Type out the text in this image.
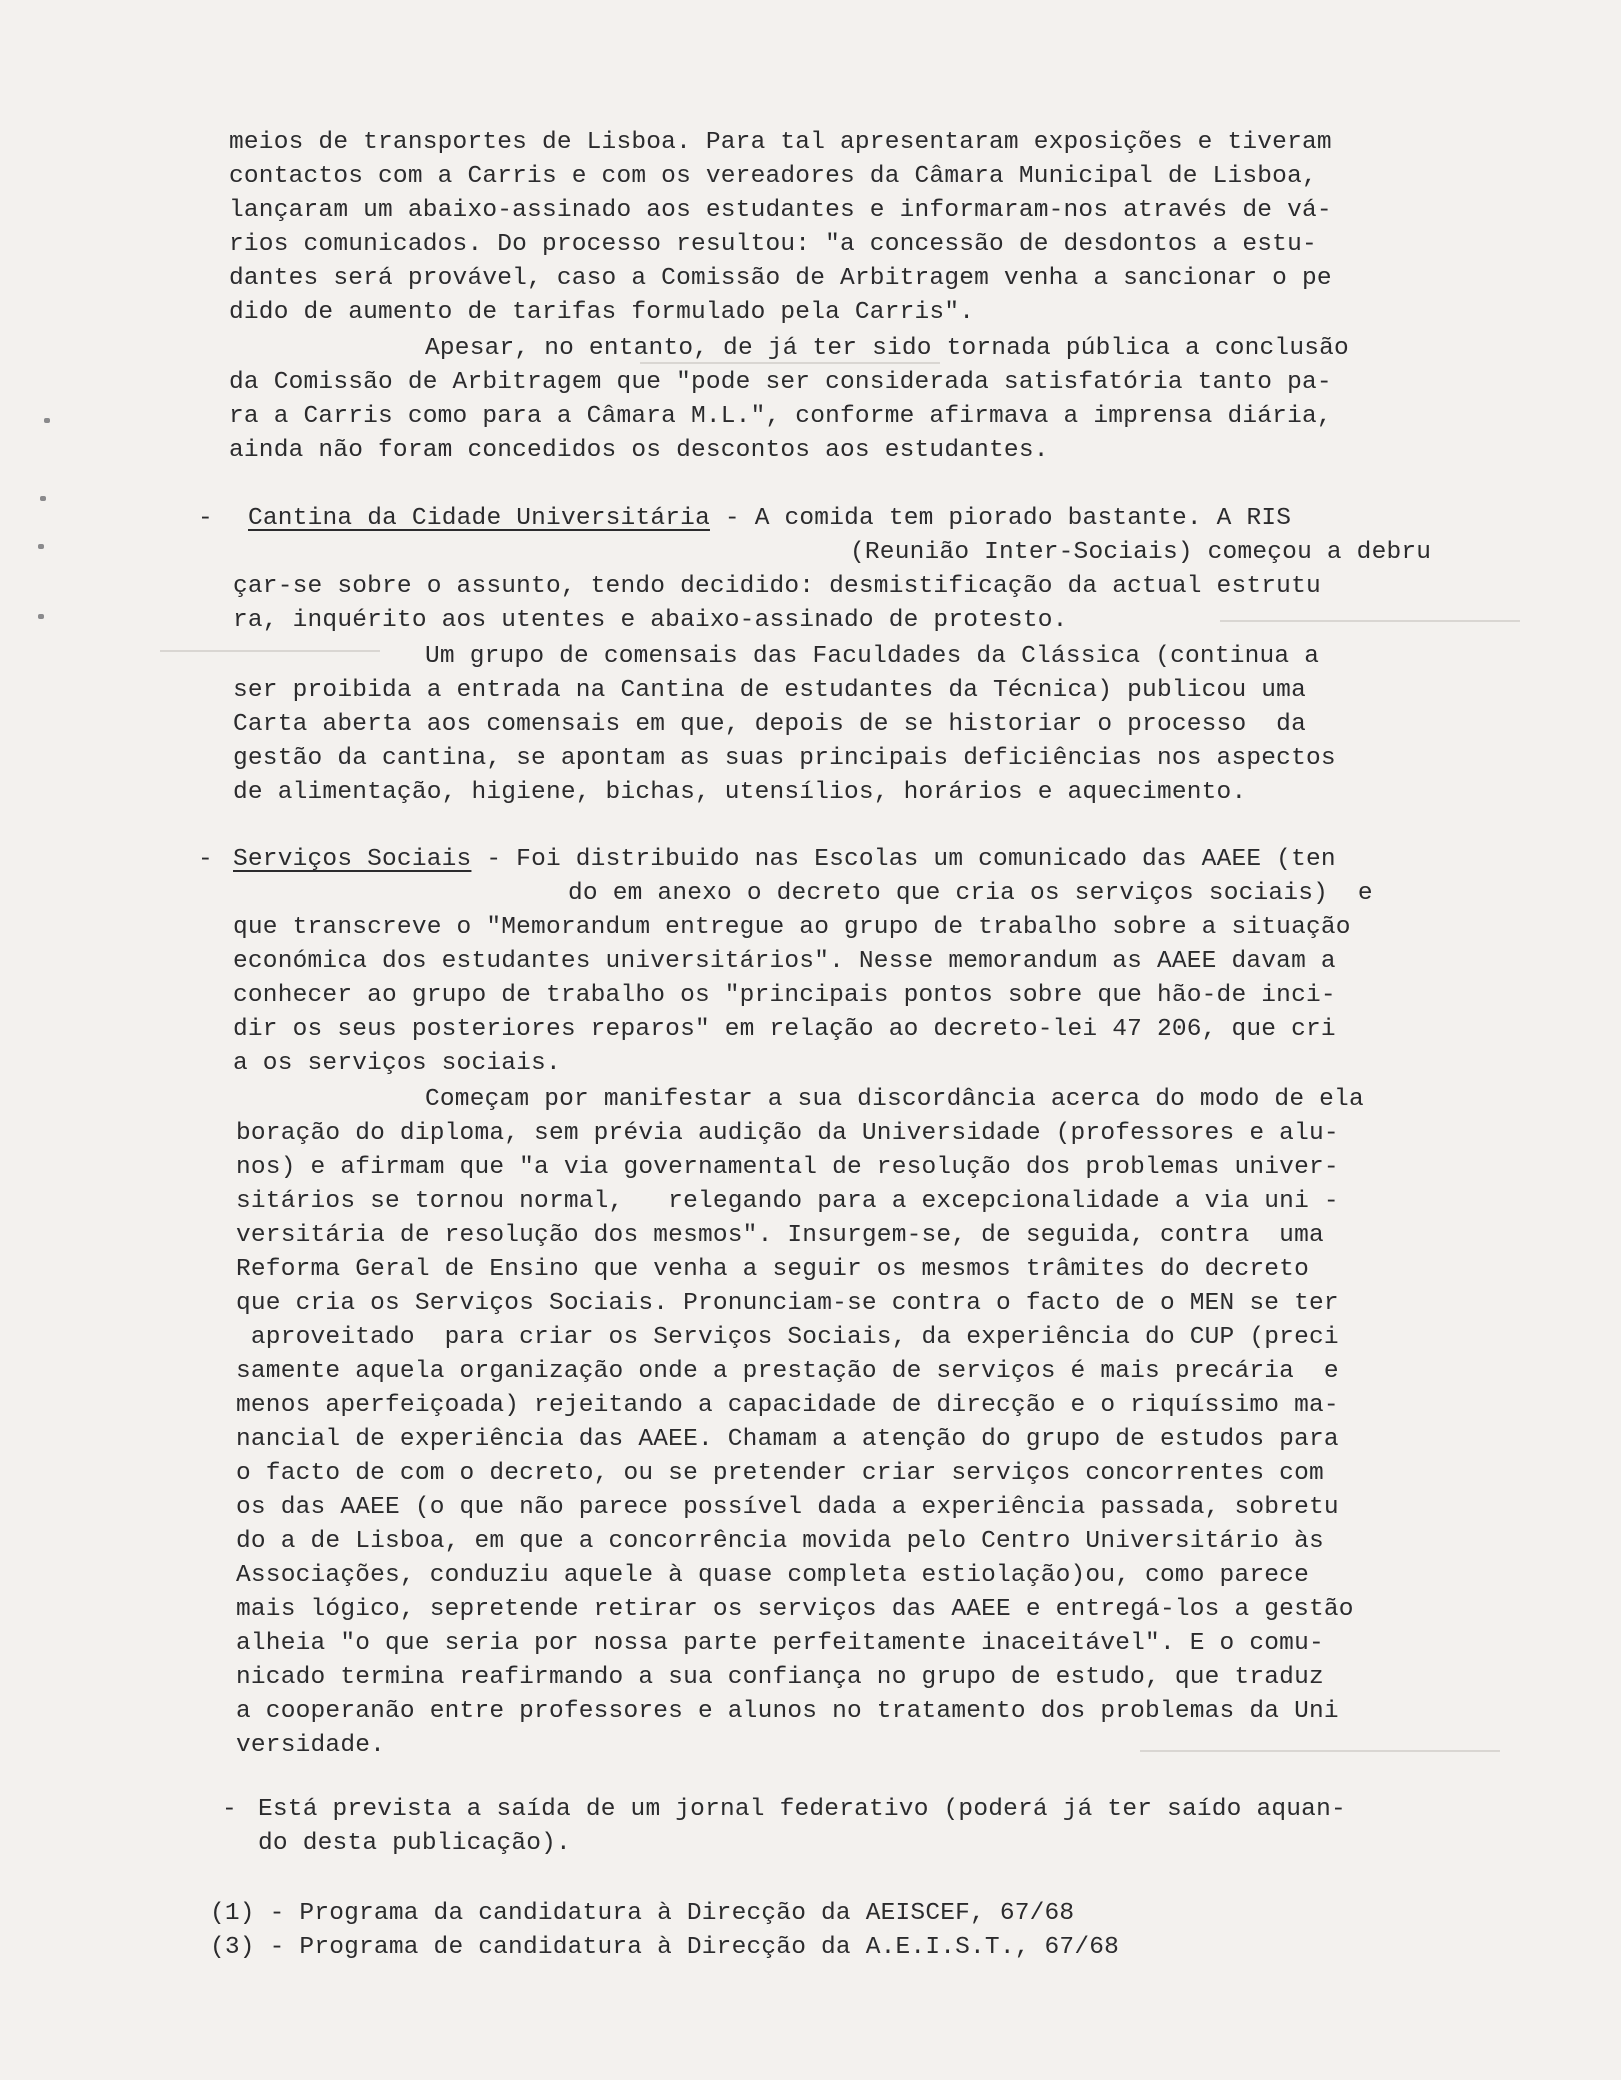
meios de transportes de Lisboa. Para tal apresentaram exposições e tiveram
contactos com a Carris e com os vereadores da Câmara Municipal de Lisboa,
lançaram um abaixo-assinado aos estudantes e informaram-nos através de vá-
rios comunicados. Do processo resultou: "a concessão de desdontos a estu-
dantes será provável, caso a Comissão de Arbitragem venha a sancionar o pe
dido de aumento de tarifas formulado pela Carris".
Apesar, no entanto, de já ter sido tornada pública a conclusão
da Comissão de Arbitragem que "pode ser considerada satisfatória tanto pa-
ra a Carris como para a Câmara M.L.", conforme afirmava a imprensa diária,
ainda não foram concedidos os descontos aos estudantes.
- Cantina da Cidade Universitária - A comida tem piorado bastante. A RIS
(Reunião Inter-Sociais) começou a debru
çar-se sobre o assunto, tendo decidido: desmistificação da actual estrutu
ra, inquérito aos utentes e abaixo-assinado de protesto.
Um grupo de comensais das Faculdades da Clássica (continua a
ser proibida a entrada na Cantina de estudantes da Técnica) publicou uma
Carta aberta aos comensais em que, depois de se historiar o processo  da
gestão da cantina, se apontam as suas principais deficiências nos aspectos
de alimentação, higiene, bichas, utensílios, horários e aquecimento.
- Serviços Sociais - Foi distribuido nas Escolas um comunicado das AAEE (ten
do em anexo o decreto que cria os serviços sociais)  e
que transcreve o "Memorandum entregue ao grupo de trabalho sobre a situação
económica dos estudantes universitários". Nesse memorandum as AAEE davam a
conhecer ao grupo de trabalho os "principais pontos sobre que hão-de inci-
dir os seus posteriores reparos" em relação ao decreto-lei 47 206, que cri
a os serviços sociais.
Começam por manifestar a sua discordância acerca do modo de ela
boração do diploma, sem prévia audição da Universidade (professores e alu-
nos) e afirmam que "a via governamental de resolução dos problemas univer-
sitários se tornou normal,   relegando para a excepcionalidade a via uni -
versitária de resolução dos mesmos". Insurgem-se, de seguida, contra  uma
Reforma Geral de Ensino que venha a seguir os mesmos trâmites do decreto
que cria os Serviços Sociais. Pronunciam-se contra o facto de o MEN se ter
aproveitado  para criar os Serviços Sociais, da experiência do CUP (preci
samente aquela organização onde a prestação de serviços é mais precária  e
menos aperfeiçoada) rejeitando a capacidade de direcção e o riquíssimo ma-
nancial de experiência das AAEE. Chamam a atenção do grupo de estudos para
o facto de com o decreto, ou se pretender criar serviços concorrentes com
os das AAEE (o que não parece possível dada a experiência passada, sobretu
do a de Lisboa, em que a concorrência movida pelo Centro Universitário às
Associações, conduziu aquele à quase completa estiolação)ou, como parece
mais lógico, sepretende retirar os serviços das AAEE e entregá-los a gestão
alheia "o que seria por nossa parte perfeitamente inaceitável". E o comu-
nicado termina reafirmando a sua confiança no grupo de estudo, que traduz
a cooperanão entre professores e alunos no tratamento dos problemas da Uni
versidade.
- Está prevista a saída de um jornal federativo (poderá já ter saído aquan-
do desta publicação).
(1) - Programa da candidatura à Direcção da AEISCEF, 67/68
(3) - Programa de candidatura à Direcção da A.E.I.S.T., 67/68
